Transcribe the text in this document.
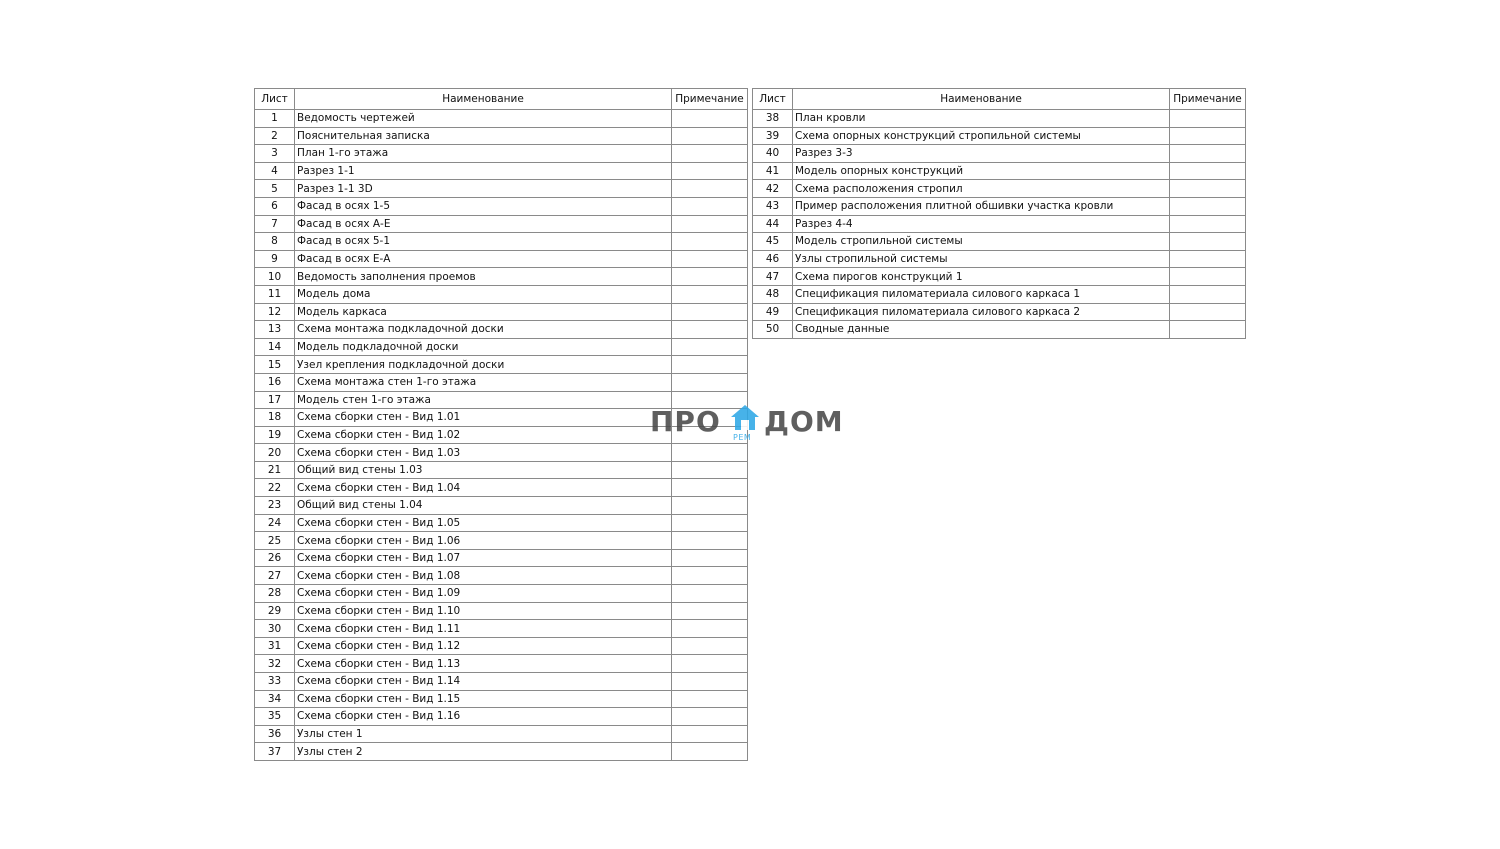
Лист	Наименование	Примечание
1	Ведомость чертежей	
2	Пояснительная записка	
3	План 1-го этажа	
4	Разрез 1-1	
5	Разрез 1-1 3D	
6	Фасад в осях 1-5	
7	Фасад в осях А-Е	
8	Фасад в осях 5-1	
9	Фасад в осях Е-А	
10	Ведомость заполнения проемов	
11	Модель дома	
12	Модель каркаса	
13	Схема монтажа подкладочной доски	
14	Модель подкладочной доски	
15	Узел крепления подкладочной доски	
16	Схема монтажа стен 1-го этажа	
17	Модель стен 1-го этажа	
18	Схема сборки стен - Вид 1.01	
19	Схема сборки стен - Вид 1.02	
20	Схема сборки стен - Вид 1.03	
21	Общий вид стены 1.03	
22	Схема сборки стен - Вид 1.04	
23	Общий вид стены 1.04	
24	Схема сборки стен - Вид 1.05	
25	Схема сборки стен - Вид 1.06	
26	Схема сборки стен - Вид 1.07	
27	Схема сборки стен - Вид 1.08	
28	Схема сборки стен - Вид 1.09	
29	Схема сборки стен - Вид 1.10	
30	Схема сборки стен - Вид 1.11	
31	Схема сборки стен - Вид 1.12	
32	Схема сборки стен - Вид 1.13	
33	Схема сборки стен - Вид 1.14	
34	Схема сборки стен - Вид 1.15	
35	Схема сборки стен - Вид 1.16	
36	Узлы стен 1	
37	Узлы стен 2	
Лист	Наименование	Примечание
38	План кровли	
39	Схема опорных конструкций стропильной системы	
40	Разрез 3-3	
41	Модель опорных конструкций	
42	Схема расположения стропил	
43	Пример расположения плитной обшивки участка кровли	
44	Разрез 4-4	
45	Модель стропильной системы	
46	Узлы стропильной системы	
47	Схема пирогов конструкций 1	
48	Спецификация пиломатериала силового каркаса 1	
49	Спецификация пиломатериала силового каркаса 2	
50	Сводные данные	
ПРО РЕМ ДОМ
